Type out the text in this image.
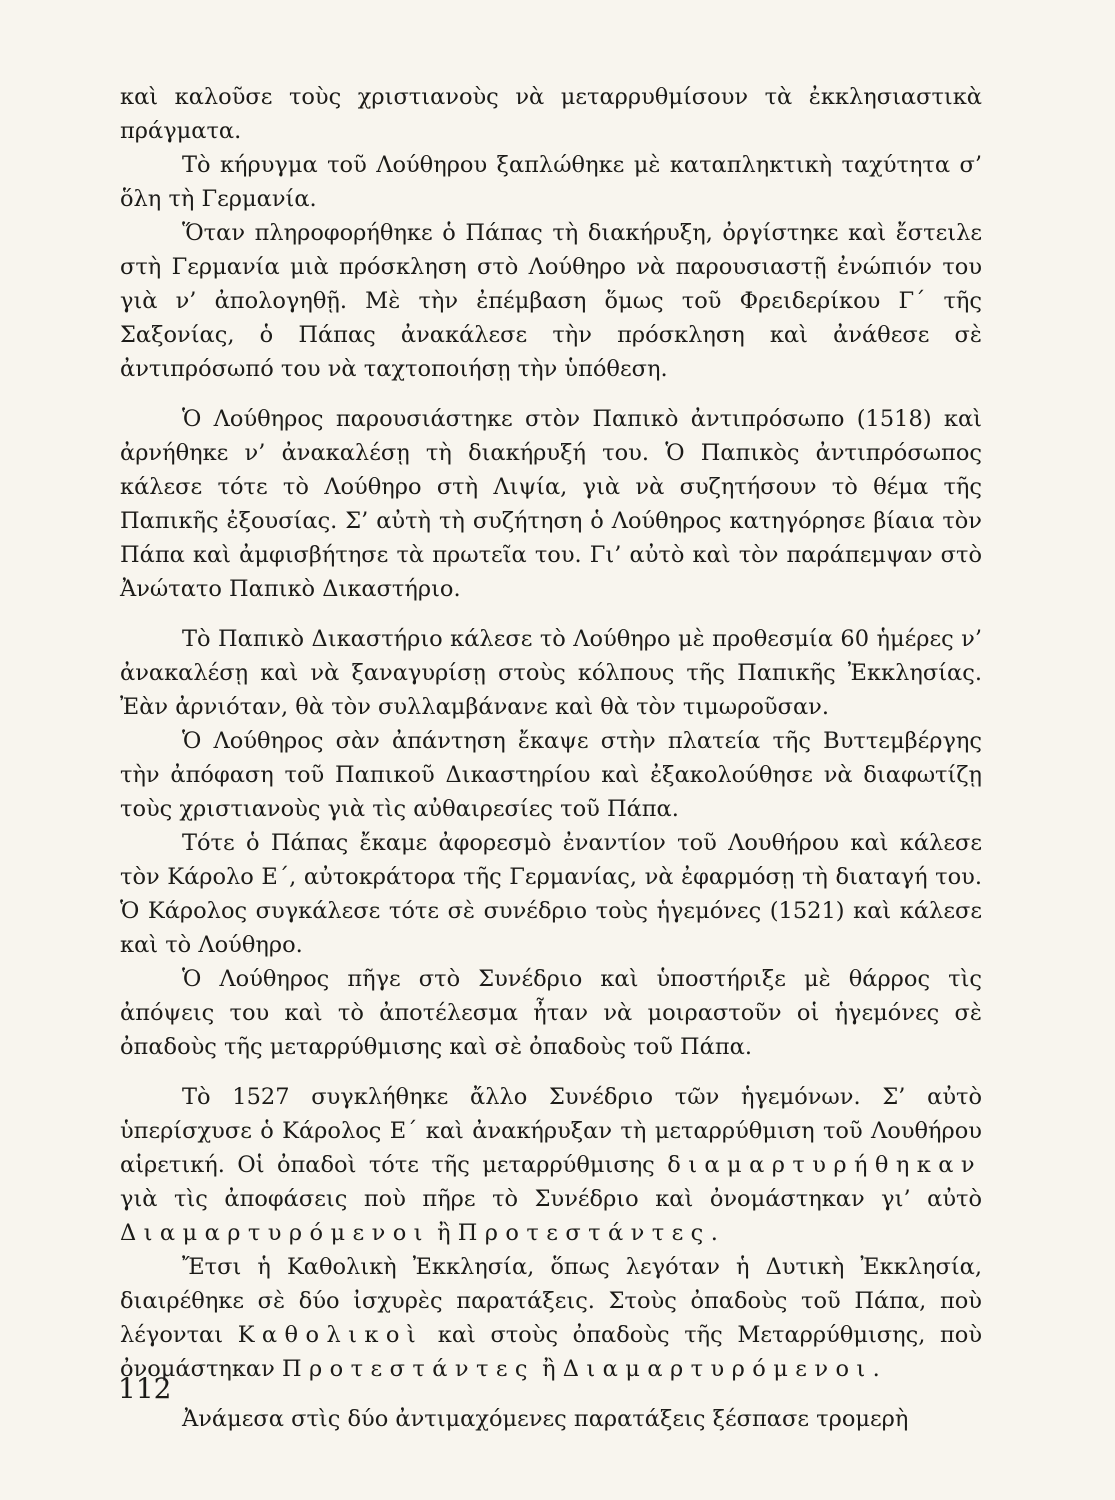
καὶ καλοῦσε τοὺς χριστιανοὺς νὰ μεταρρυθμίσουν τὰ ἐκκλησιαστικὰ πράγματα.

Τὸ κήρυγμα τοῦ Λούθηρου ξαπλώθηκε μὲ καταπληκτικὴ ταχύτητα σ’ ὅλη τὴ Γερμανία.

Ὅταν πληροφορήθηκε ὁ Πάπας τὴ διακήρυξη, ὀργίστηκε καὶ ἔστειλε στὴ Γερμανία μιὰ πρόσκληση στὸ Λούθηρο νὰ παρουσιαστῇ ἐνώπιόν του γιὰ ν’ ἀπολογηθῇ. Μὲ τὴν ἐπέμβαση ὅμως τοῦ Φρειδερίκου Γ΄ τῆς Σαξονίας, ὁ Πάπας ἀνακάλεσε τὴν πρόσκληση καὶ ἀνάθεσε σὲ ἀντιπρόσωπό του νὰ ταχτοποιήσῃ τὴν ὑπόθεση.

Ὁ Λούθηρος παρουσιάστηκε στὸν Παπικὸ ἀντιπρόσωπο (1518) καὶ ἀρνήθηκε ν’ ἀνακαλέσῃ τὴ διακήρυξή του. Ὁ Παπικὸς ἀντιπρόσωπος κάλεσε τότε τὸ Λούθηρο στὴ Λιψία, γιὰ νὰ συζητήσουν τὸ θέμα τῆς Παπικῆς ἐξουσίας. Σ’ αὐτὴ τὴ συζήτηση ὁ Λούθηρος κατηγόρησε βίαια τὸν Πάπα καὶ ἀμφισβήτησε τὰ πρωτεῖα του. Γι’ αὐτὸ καὶ τὸν παράπεμψαν στὸ Ἀνώτατο Παπικὸ Δικαστήριο.

Τὸ Παπικὸ Δικαστήριο κάλεσε τὸ Λούθηρο μὲ προθεσμία 60 ἡμέρες ν’ ἀνακαλέσῃ καὶ νὰ ξαναγυρίσῃ στοὺς κόλπους τῆς Παπικῆς Ἐκκλησίας. Ἐὰν ἀρνιόταν, θὰ τὸν συλλαμβάνανε καὶ θὰ τὸν τιμωροῦσαν.

Ὁ Λούθηρος σὰν ἀπάντηση ἔκαψε στὴν πλατεία τῆς Βυττεμβέργης τὴν ἀπόφαση τοῦ Παπικοῦ Δικαστηρίου καὶ ἐξακολούθησε νὰ διαφωτίζῃ τοὺς χριστιανοὺς γιὰ τὶς αὐθαιρεσίες τοῦ Πάπα.

Τότε ὁ Πάπας ἔκαμε ἀφορεσμὸ ἐναντίον τοῦ Λουθήρου καὶ κάλεσε τὸν Κάρολο Ε΄, αὐτοκράτορα τῆς Γερμανίας, νὰ ἐφαρμόσῃ τὴ διαταγή του. Ὁ Κάρολος συγκάλεσε τότε σὲ συνέδριο τοὺς ἡγεμόνες (1521) καὶ κάλεσε καὶ τὸ Λούθηρο.

Ὁ Λούθηρος πῆγε στὸ Συνέδριο καὶ ὑποστήριξε μὲ θάρρος τὶς ἀπόψεις του καὶ τὸ ἀποτέλεσμα ἦταν νὰ μοιραστοῦν οἱ ἡγεμόνες σὲ ὀπαδοὺς τῆς μεταρρύθμισης καὶ σὲ ὀπαδοὺς τοῦ Πάπα.

Τὸ 1527 συγκλήθηκε ἄλλο Συνέδριο τῶν ἡγεμόνων. Σ’ αὐτὸ ὑπερίσχυσε ὁ Κάρολος Ε΄ καὶ ἀνακήρυξαν τὴ μεταρρύθμιση τοῦ Λουθήρου αἱρετική. Οἱ ὀπαδοὶ τότε τῆς μεταρρύθμισης διαμαρτυρήθηκαν γιὰ τὶς ἀποφάσεις ποὺ πῆρε τὸ Συνέδριο καὶ ὀνομάστηκαν γι’ αὐτὸ Διαμαρτυρόμενοι ἢ Προτεστάντες.

Ἔτσι ἡ Καθολικὴ Ἐκκλησία, ὅπως λεγόταν ἡ Δυτικὴ Ἐκκλησία, διαιρέθηκε σὲ δύο ἰσχυρὲς παρατάξεις. Στοὺς ὀπαδοὺς τοῦ Πάπα, ποὺ λέγονται Καθολικοὶ καὶ στοὺς ὀπαδοὺς τῆς Μεταρρύθμισης, ποὺ ὀνομάστηκαν Προτεστάντες ἢ Διαμαρτυρόμενοι.

Ἀνάμεσα στὶς δύο ἀντιμαχόμενες παρατάξεις ξέσπασε τρομερὴ

112
